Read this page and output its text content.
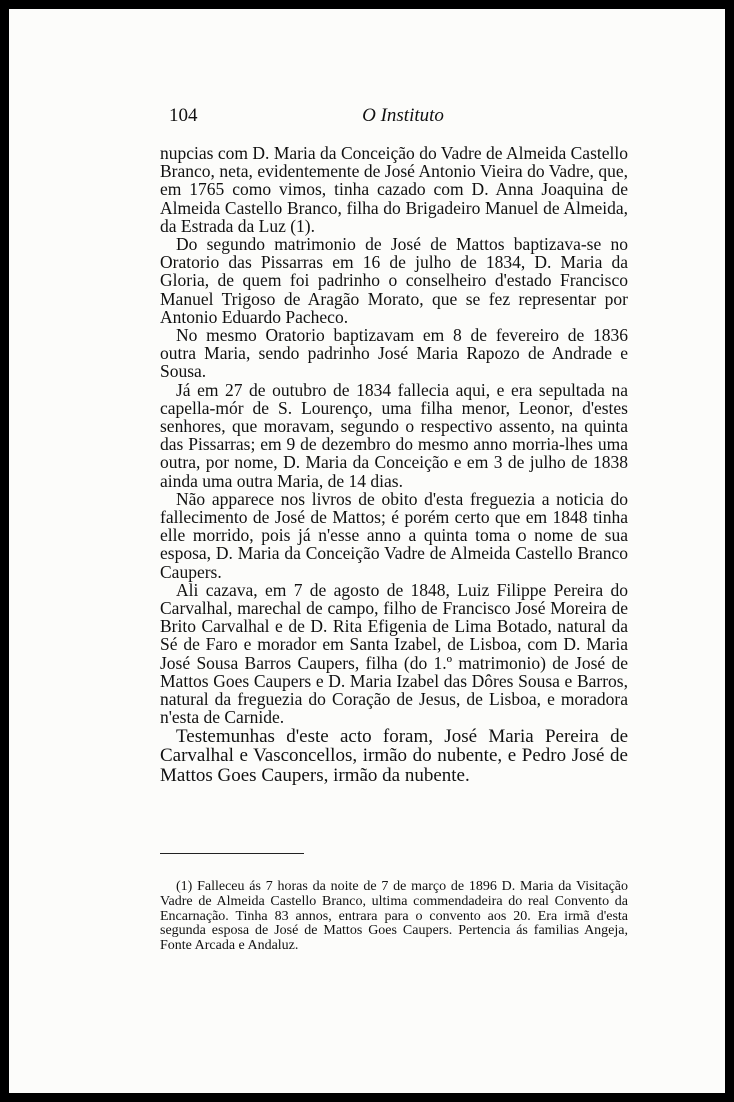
104	O Instituto

nupcias com D. Maria da Conceição do Vadre de Almeida Castello Branco, neta, evidentemente de José Antonio Vieira do Vadre, que, em 1765 como vimos, tinha cazado com D. Anna Joaquina de Almeida Castello Branco, filha do Brigadeiro Manuel de Almeida, da Estrada da Luz (1).

Do segundo matrimonio de José de Mattos baptizava-se no Oratorio das Pissarras em 16 de julho de 1834, D. Maria da Gloria, de quem foi padrinho o conselheiro d'estado Francisco Manuel Trigoso de Aragão Morato, que se fez representar por Antonio Eduardo Pacheco.

No mesmo Oratorio baptizavam em 8 de fevereiro de 1836 outra Maria, sendo padrinho José Maria Rapozo de Andrade e Sousa.

Já em 27 de outubro de 1834 fallecia aqui, e era sepultada na capella-mór de S. Lourenço, uma filha menor, Leonor, d'estes senhores, que moravam, segundo o respectivo assento, na quinta das Pissarras; em 9 de dezembro do mesmo anno morria-lhes uma outra, por nome, D. Maria da Conceição e em 3 de julho de 1838 ainda uma outra Maria, de 14 dias.

Não apparece nos livros de obito d'esta freguezia a noticia do fallecimento de José de Mattos; é porém certo que em 1848 tinha elle morrido, pois já n'esse anno a quinta toma o nome de sua esposa, D. Maria da Conceição Vadre de Almeida Castello Branco Caupers.

Ali cazava, em 7 de agosto de 1848, Luiz Filippe Pereira do Carvalhal, marechal de campo, filho de Francisco José Moreira de Brito Carvalhal e de D. Rita Efigenia de Lima Botado, natural da Sé de Faro e morador em Santa Izabel, de Lisboa, com D. Maria José Sousa Barros Caupers, filha (do 1.º matrimonio) de José de Mattos Goes Caupers e D. Maria Izabel das Dôres Sousa e Barros, natural da freguezia do Coração de Jesus, de Lisboa, e moradora n'esta de Carnide.

Testemunhas d'este acto foram, José Maria Pereira de Carvalhal e Vasconcellos, irmão do nubente, e Pedro José de Mattos Goes Caupers, irmão da nubente.

(1) Falleceu ás 7 horas da noite de 7 de março de 1896 D. Maria da Visitação Vadre de Almeida Castello Branco, ultima commendadeira do real Convento da Encarnação. Tinha 83 annos, entrara para o convento aos 20. Era irmã d'esta segunda esposa de José de Mattos Goes Caupers. Pertencia ás familias Angeja, Fonte Arcada e Andaluz.
